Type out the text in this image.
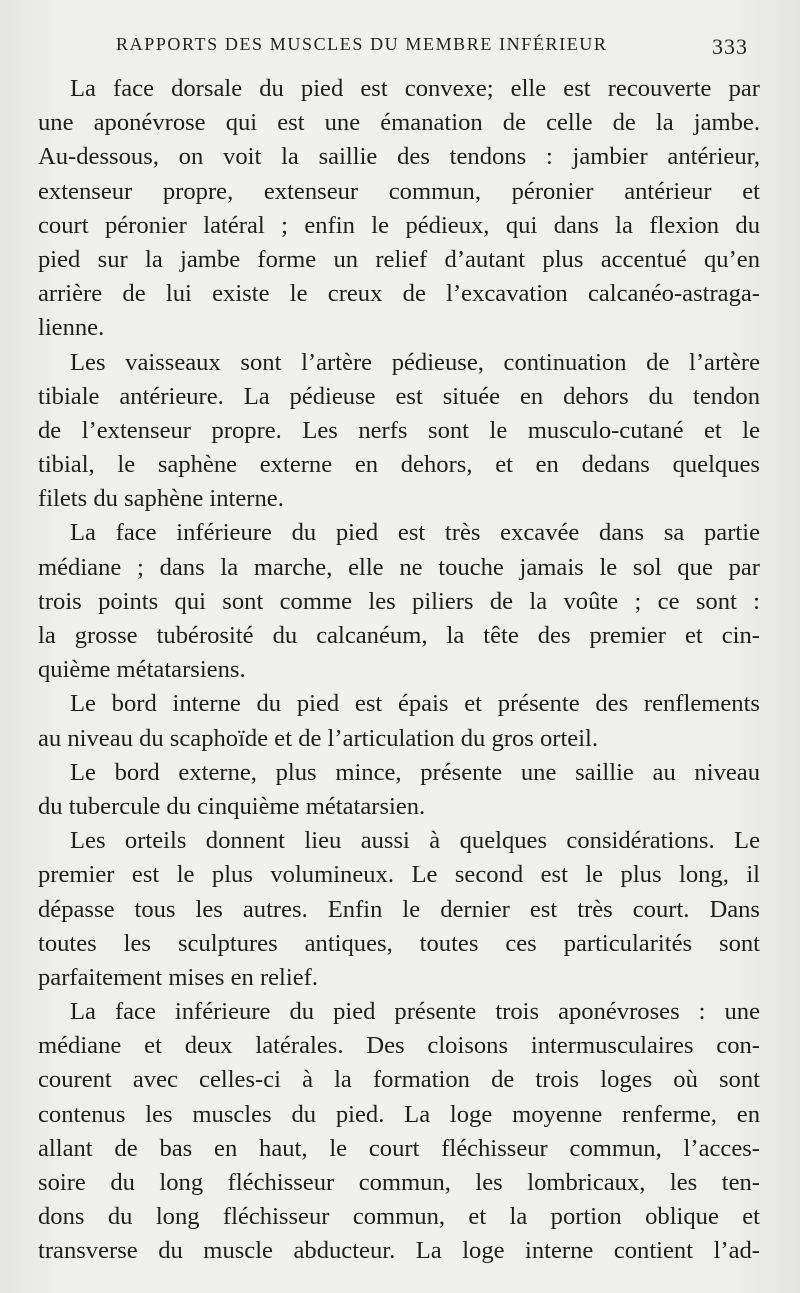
RAPPORTS DES MUSCLES DU MEMBRE INFÉRIEUR	333
La face dorsale du pied est convexe; elle est recouverte par
une aponévrose qui est une émanation de celle de la jambe.
Au-dessous, on voit la saillie des tendons : jambier antérieur,
extenseur propre, extenseur commun, péronier antérieur et
court péronier latéral ; enfin le pédieux, qui dans la flexion du
pied sur la jambe forme un relief d’autant plus accentué qu’en
arrière de lui existe le creux de l’excavation calcanéo-astraga-
lienne.
Les vaisseaux sont l’artère pédieuse, continuation de l’artère
tibiale antérieure. La pédieuse est située en dehors du tendon
de l’extenseur propre. Les nerfs sont le musculo-cutané et le
tibial, le saphène externe en dehors, et en dedans quelques
filets du saphène interne.
La face inférieure du pied est très excavée dans sa partie
médiane ; dans la marche, elle ne touche jamais le sol que par
trois points qui sont comme les piliers de la voûte ; ce sont :
la grosse tubérosité du calcanéum, la tête des premier et cin-
quième métatarsiens.
Le bord interne du pied est épais et présente des renflements
au niveau du scaphoïde et de l’articulation du gros orteil.
Le bord externe, plus mince, présente une saillie au niveau
du tubercule du cinquième métatarsien.
Les orteils donnent lieu aussi à quelques considérations. Le
premier est le plus volumineux. Le second est le plus long, il
dépasse tous les autres. Enfin le dernier est très court. Dans
toutes les sculptures antiques, toutes ces particularités sont
parfaitement mises en relief.
La face inférieure du pied présente trois aponévroses : une
médiane et deux latérales. Des cloisons intermusculaires con-
courent avec celles-ci à la formation de trois loges où sont
contenus les muscles du pied. La loge moyenne renferme, en
allant de bas en haut, le court fléchisseur commun, l’acces-
soire du long fléchisseur commun, les lombricaux, les ten-
dons du long fléchisseur commun, et la portion oblique et
transverse du muscle abducteur. La loge interne contient l’ad-
